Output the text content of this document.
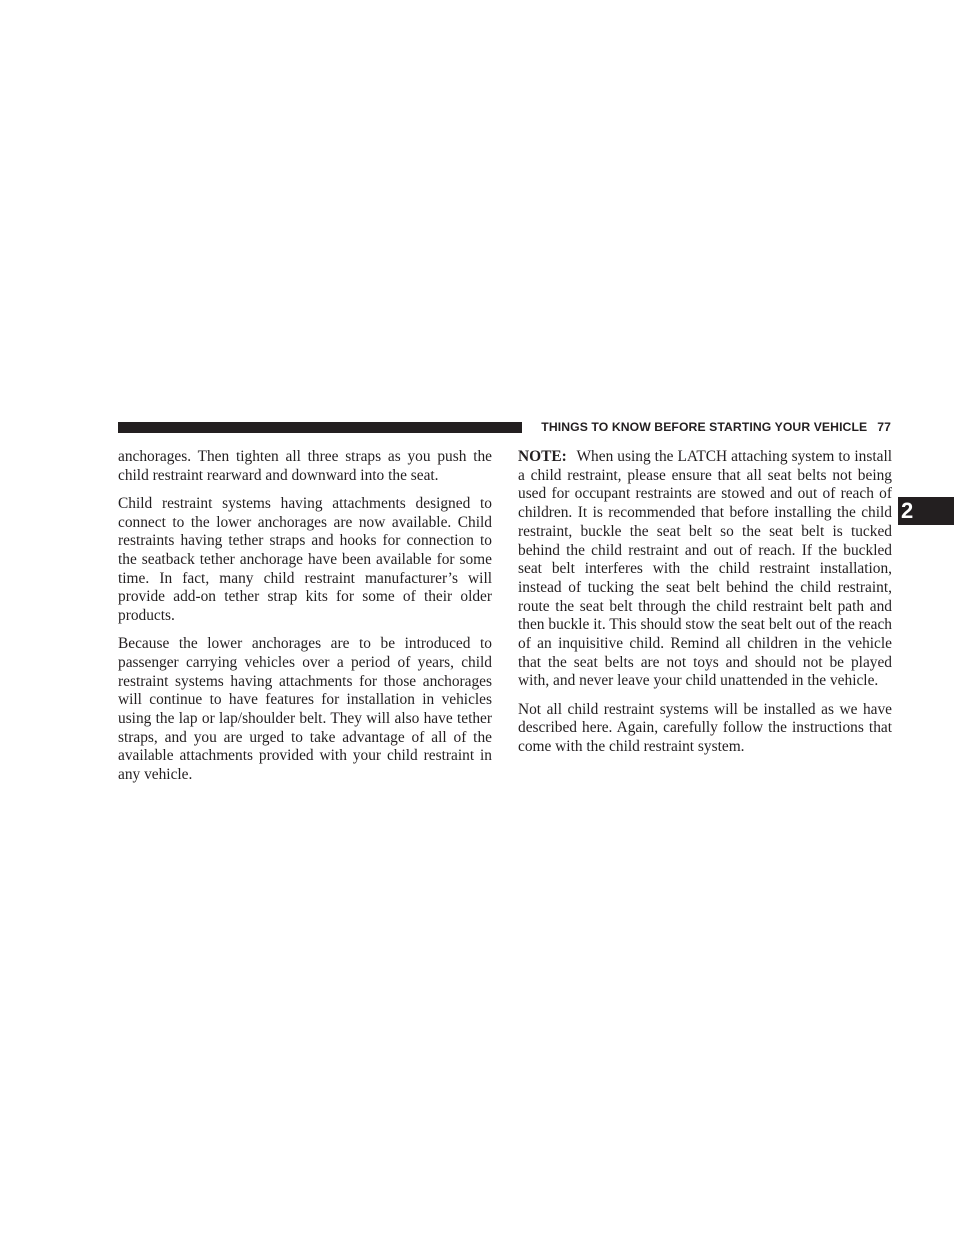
THINGS TO KNOW BEFORE STARTING YOUR VEHICLE 77
2

anchorages. Then tighten all three straps as you push the child restraint rearward and downward into the seat.

Child restraint systems having attachments designed to connect to the lower anchorages are now available. Child restraints having tether straps and hooks for connection to the seatback tether anchorage have been available for some time. In fact, many child restraint manufacturer’s will provide add-on tether strap kits for some of their older products.

Because the lower anchorages are to be introduced to passenger carrying vehicles over a period of years, child restraint systems having attachments for those anchorages will continue to have features for installation in vehicles using the lap or lap/shoulder belt. They will also have tether straps, and you are urged to take advantage of all of the available attachments provided with your child restraint in any vehicle.

NOTE: When using the LATCH attaching system to install a child restraint, please ensure that all seat belts not being used for occupant restraints are stowed and out of reach of children. It is recommended that before installing the child restraint, buckle the seat belt so the seat belt is tucked behind the child restraint and out of reach. If the buckled seat belt interferes with the child restraint installation, instead of tucking the seat belt behind the child restraint, route the seat belt through the child restraint belt path and then buckle it. This should stow the seat belt out of the reach of an inquisitive child. Remind all children in the vehicle that the seat belts are not toys and should not be played with, and never leave your child unattended in the vehicle.

Not all child restraint systems will be installed as we have described here. Again, carefully follow the instructions that come with the child restraint system.
